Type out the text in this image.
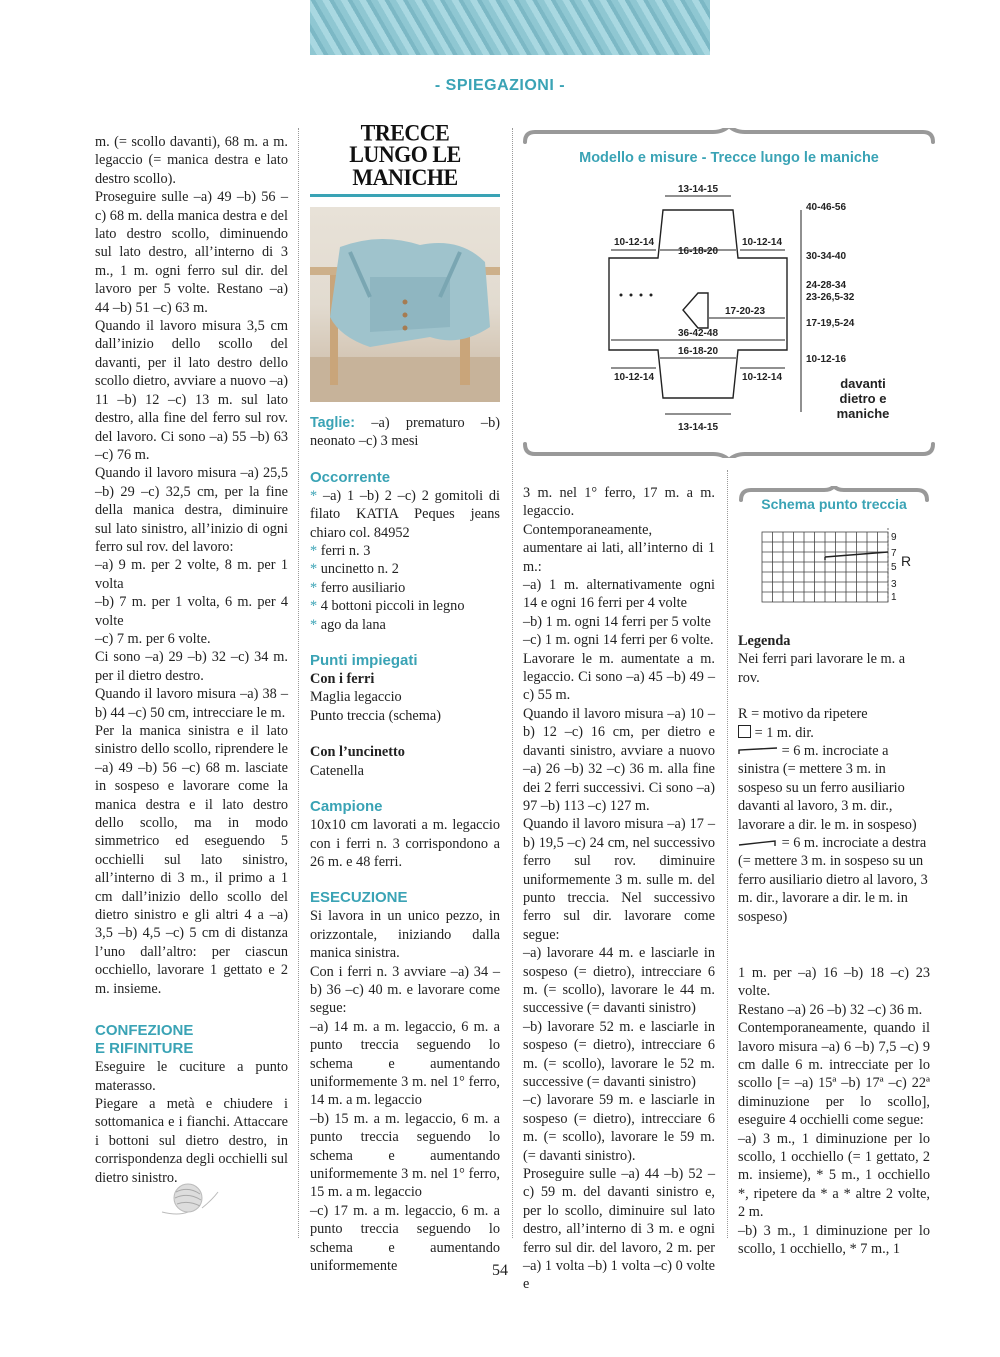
- SPIEGAZIONI -

m. (= scollo davanti), 68 m. a m. legaccio (= manica destra e lato destro scollo).

Proseguire sulle –a) 49 –b) 56 –c) 68 m. della manica destra e del lato destro scollo, diminuendo sul lato destro, all’interno di 3 m., 1 m. ogni ferro sul dir. del lavoro per 5 volte. Restano –a) 44 –b) 51 –c) 63 m.

Quando il lavoro misura 3,5 cm dall’inizio dello scollo del davanti, per il lato destro dello scollo dietro, avviare a nuovo –a) 11 –b) 12 –c) 13 m. sul lato destro, alla fine del ferro sul rov. del lavoro. Ci sono –a) 55 –b) 63 –c) 76 m.

Quando il lavoro misura –a) 25,5 –b) 29 –c) 32,5 cm, per la fine della manica destra, diminuire sul lato sinistro, all’inizio di ogni ferro sul rov. del lavoro:

–a) 9 m. per 2 volte, 8 m. per 1 volta

–b) 7 m. per 1 volta, 6 m. per 4 volte

–c) 7 m. per 6 volte.

Ci sono –a) 29 –b) 32 –c) 34 m. per il dietro destro.

Quando il lavoro misura –a) 38 –b) 44 –c) 50 cm, intrecciare le m.

Per la manica sinistra e il lato sinistro dello scollo, riprendere le –a) 49 –b) 56 –c) 68 m. lasciate in sospeso e lavorare come la manica destra e il lato destro dello scollo, ma in modo simmetrico ed eseguendo 5 occhielli sul lato sinistro, all’interno di 3 m., il primo a 1 cm dall’inizio dello scollo del dietro sinistro e gli altri 4 a –a) 3,5 –b) 4,5 –c) 5 cm di distanza l’uno dall’altro: per ciascun occhiello, lavorare 1 gettato e 2 m. insieme.

CONFEZIONE
E RIFINITURE

Eseguire le cuciture a punto materasso.

Piegare a metà e chiudere i sottomanica e i fianchi. Attaccare i bottoni sul dietro destro, in corrispondenza degli occhielli sul dietro sinistro.

TRECCE
LUNGO LE MANICHE

Taglie: –a) prematuro –b) neonato –c) 3 mesi

Occorrente

* –a) 1 –b) 2 –c) 2 gomitoli di filato KATIA Peques jeans chiaro col. 84952

* ferri n. 3

* uncinetto n. 2

* ferro ausiliario

* 4 bottoni piccoli in legno

* ago da lana

Punti impiegati

Con i ferri

Maglia legaccio

Punto treccia (schema)

Con l’uncinetto

Catenella

Campione

10x10 cm lavorati a m. legaccio con i ferri n. 3 corrispondono a 26 m. e 48 ferri.

ESECUZIONE

Si lavora in un unico pezzo, in orizzontale, iniziando dalla manica sinistra.

Con i ferri n. 3 avviare –a) 34 –b) 36 –c) 40 m. e lavorare come segue:

–a) 14 m. a m. legaccio, 6 m. a punto treccia seguendo lo schema e aumentando uniformemente 3 m. nel 1° ferro, 14 m. a m. legaccio

–b) 15 m. a m. legaccio, 6 m. a punto treccia seguendo lo schema e aumentando uniformemente 3 m. nel 1° ferro, 15 m. a m. legaccio

–c) 17 m. a m. legaccio, 6 m. a punto treccia seguendo lo schema e aumentando uniformemente

13-14-15
10-12-14
16-18-20
10-12-14
17-20-23
36-42-48
16-18-20
10-12-14	10-12-14
13-14-15
40-46-56
30-34-40
24-28-34
23-26,5-32
17-19,5-24
10-12-16
davanti
dietro e
maniche
Modello e misure - Trecce lungo le maniche

3 m. nel 1° ferro, 17 m. a m. legaccio.

Contemporaneamente, aumentare ai lati, all’interno di 1 m.:

–a) 1 m. alternativamente ogni 14 e ogni 16 ferri per 4 volte

–b) 1 m. ogni 14 ferri per 5 volte

–c) 1 m. ogni 14 ferri per 6 volte.

Lavorare le m. aumentate a m. legaccio. Ci sono –a) 45 –b) 49 –c) 55 m.

Quando il lavoro misura –a) 10 –b) 12 –c) 16 cm, per dietro e davanti sinistro, avviare a nuovo –a) 26 –b) 32 –c) 36 m. alla fine dei 2 ferri successivi. Ci sono –a) 97 –b) 113 –c) 127 m.

Quando il lavoro misura –a) 17 –b) 19,5 –c) 24 cm, nel successivo ferro sul rov. diminuire uniformemente 3 m. sulle m. del punto treccia. Nel successivo ferro sul dir. lavorare come segue:

–a) lavorare 44 m. e lasciarle in sospeso (= dietro), intrecciare 6 m. (= scollo), lavorare le 44 m. successive (= davanti sinistro)

–b) lavorare 52 m. e lasciarle in sospeso (= dietro), intrecciare 6 m. (= scollo), lavorare le 52 m. successive (= davanti sinistro)

–c) lavorare 59 m. e lasciarle in sospeso (= dietro), intrecciare 6 m. (= scollo), lavorare le 59 m. (= davanti sinistro).

Proseguire sulle –a) 44 –b) 52 –c) 59 m. del davanti sinistro e, per lo scollo, diminuire sul lato destro, all’interno di 3 m. e ogni ferro sul dir. del lavoro, 2 m. per –a) 1 volta –b) 1 volta –c) 0 volte e

9
7
5
3
1
R
Schema punto treccia

Legenda

Nei ferri pari lavorare le m. a rov.

R = motivo da ripetere

= 1 m. dir.

= 6 m. incrociate a sinistra (= mettere 3 m. in sospeso su un ferro ausiliario davanti al lavoro, 3 m. dir., lavorare a dir. le m. in sospeso)

= 6 m. incrociate a destra (= mettere 3 m. in sospeso su un ferro ausiliario dietro al lavoro, 3 m. dir., lavorare a dir. le m. in sospeso)

1 m. per –a) 16 –b) 18 –c) 23 volte.

Restano –a) 26 –b) 32 –c) 36 m.

Contemporaneamente, quando il lavoro misura –a) 6 –b) 7,5 –c) 9 cm dalle 6 m. intrecciate per lo scollo [= –a) 15ª –b) 17ª –c) 22ª diminuzione per lo scollo], eseguire 4 occhielli come segue:

–a) 3 m., 1 diminuzione per lo scollo, 1 occhiello (= 1 gettato, 2 m. insieme), * 5 m., 1 occhiello *, ripetere da * a * altre 2 volte, 2 m.

–b) 3 m., 1 diminuzione per lo scollo, 1 occhiello, * 7 m., 1

54
